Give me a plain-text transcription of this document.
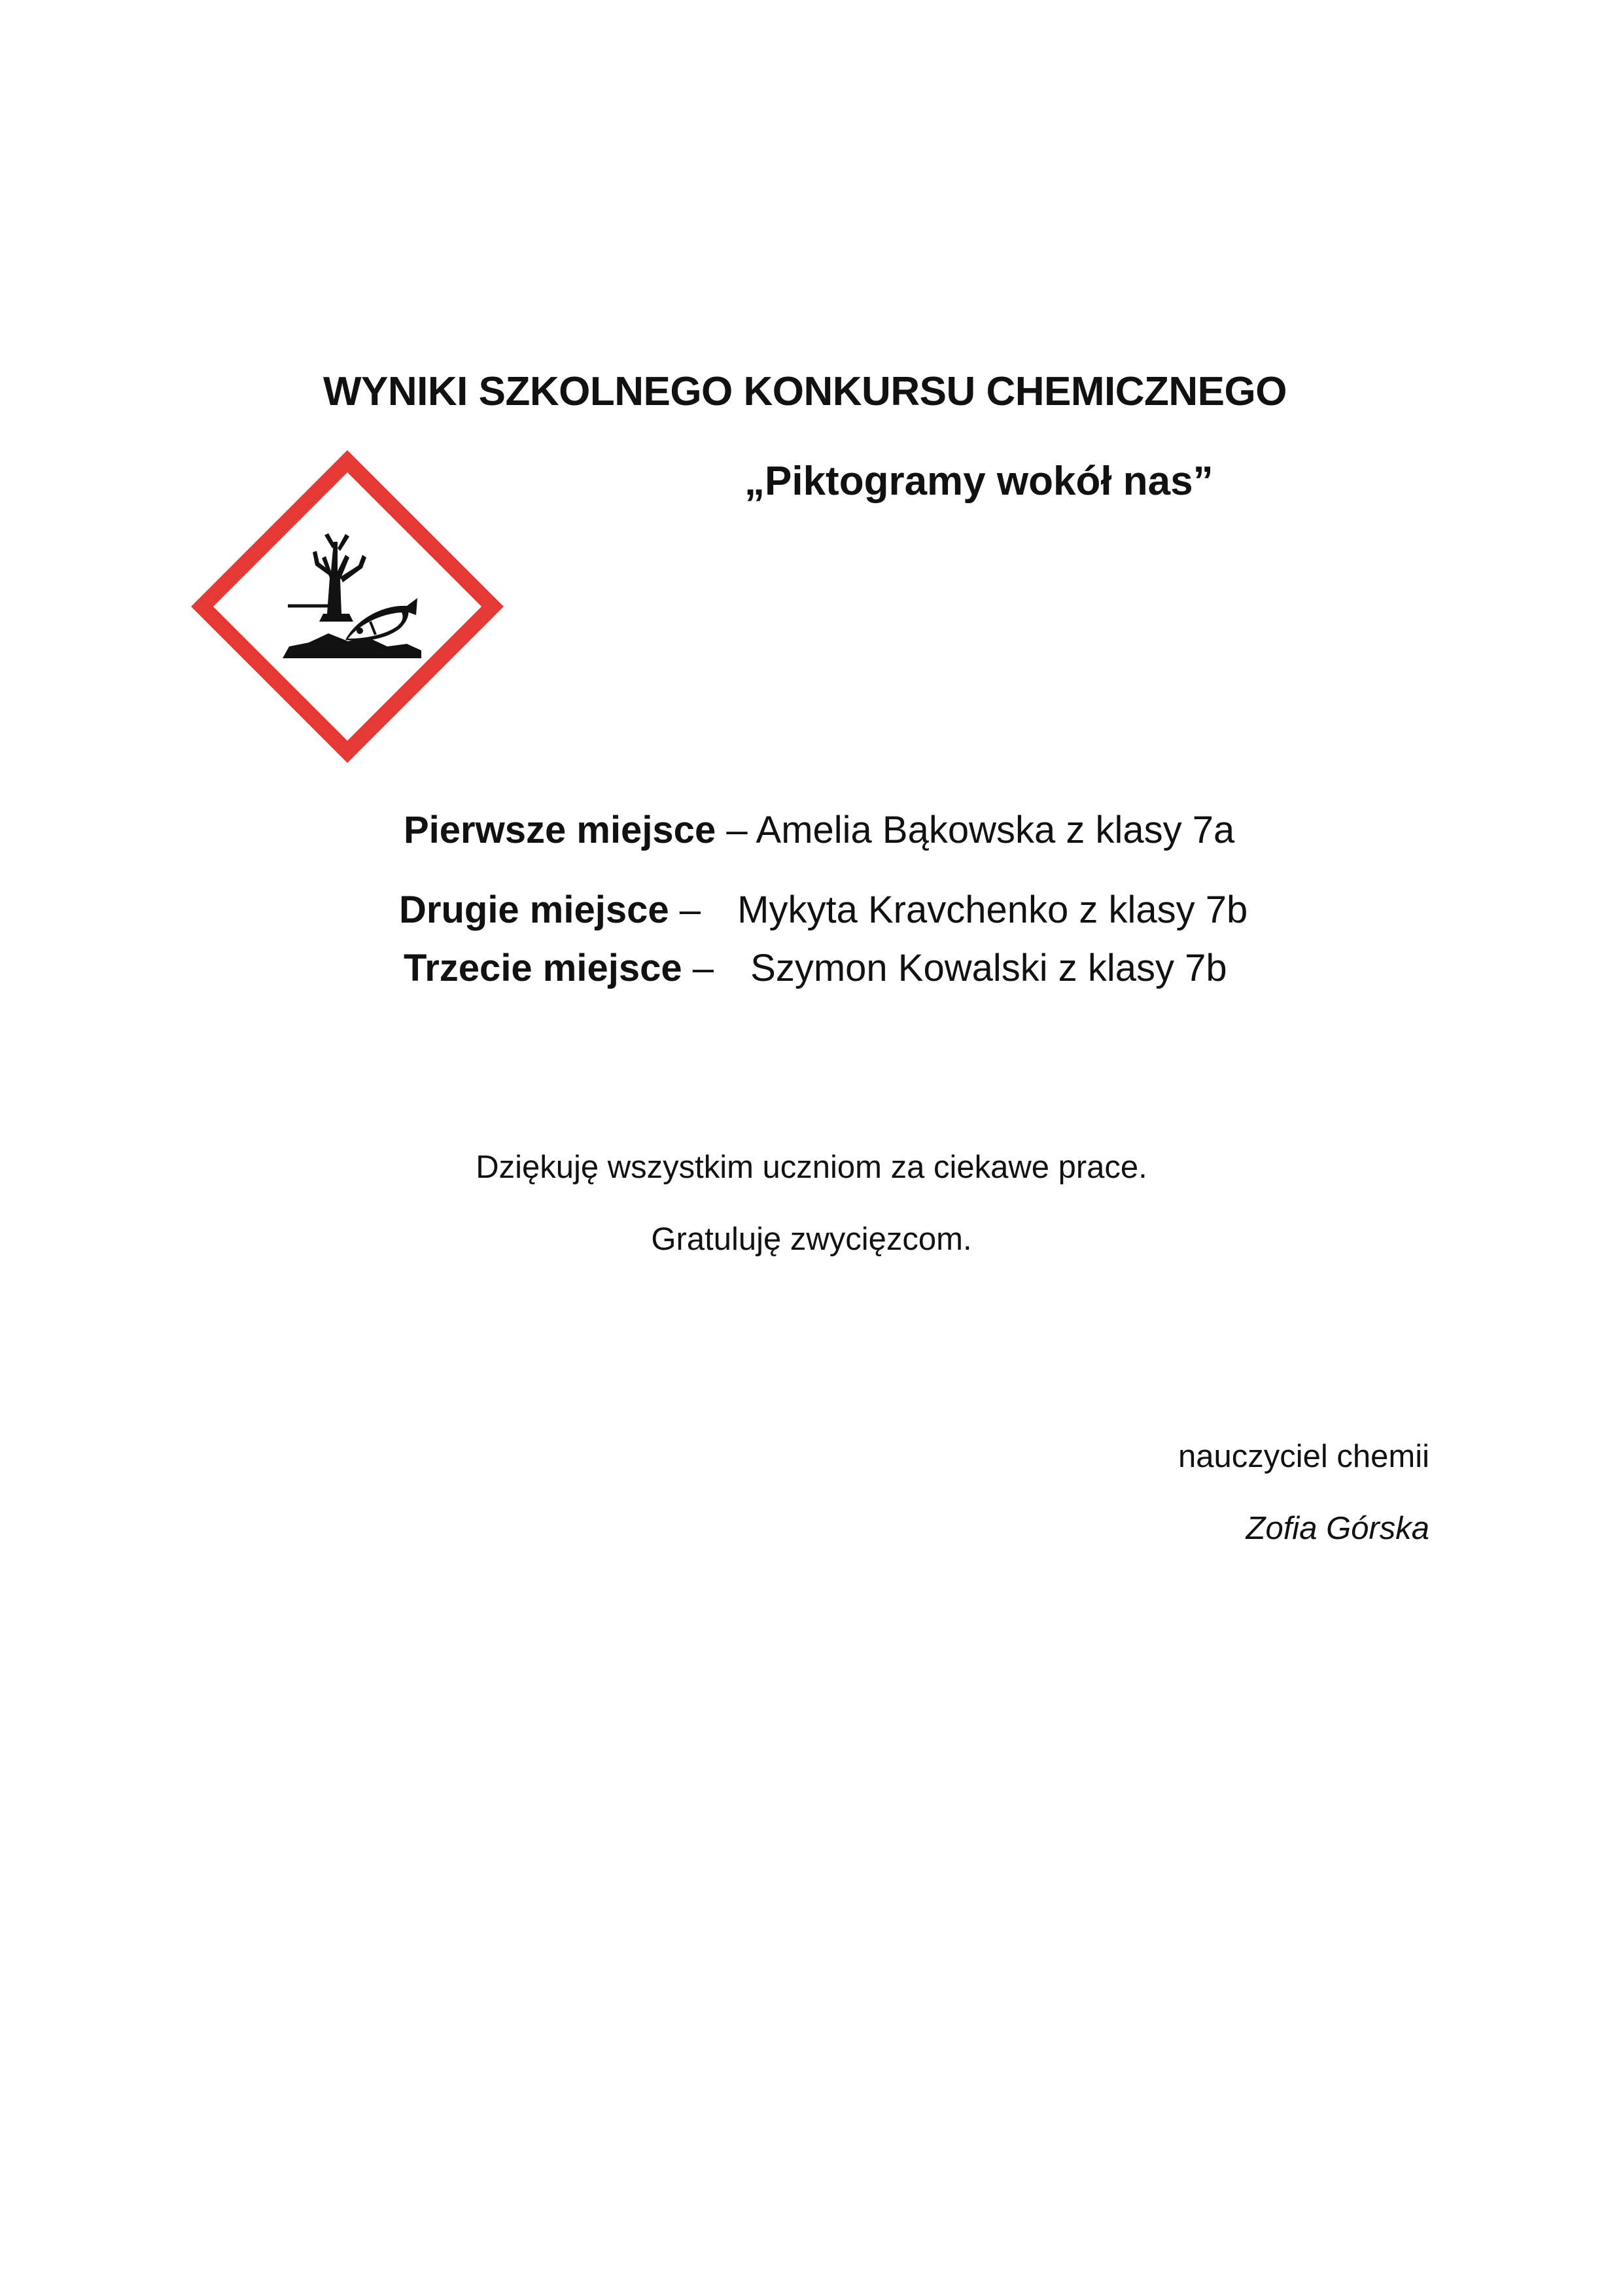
WYNIKI SZKOLNEGO KONKURSU CHEMICZNEGO
„Piktogramy wokół nas”
Pierwsze miejsce – Amelia Bąkowska z klasy 7a
Drugie miejsce – Mykyta Kravchenko z klasy 7b
Trzecie miejsce – Szymon Kowalski z klasy 7b
Dziękuję wszystkim uczniom za ciekawe prace.
Gratuluję zwycięzcom.
nauczyciel chemii
Zofia Górska
